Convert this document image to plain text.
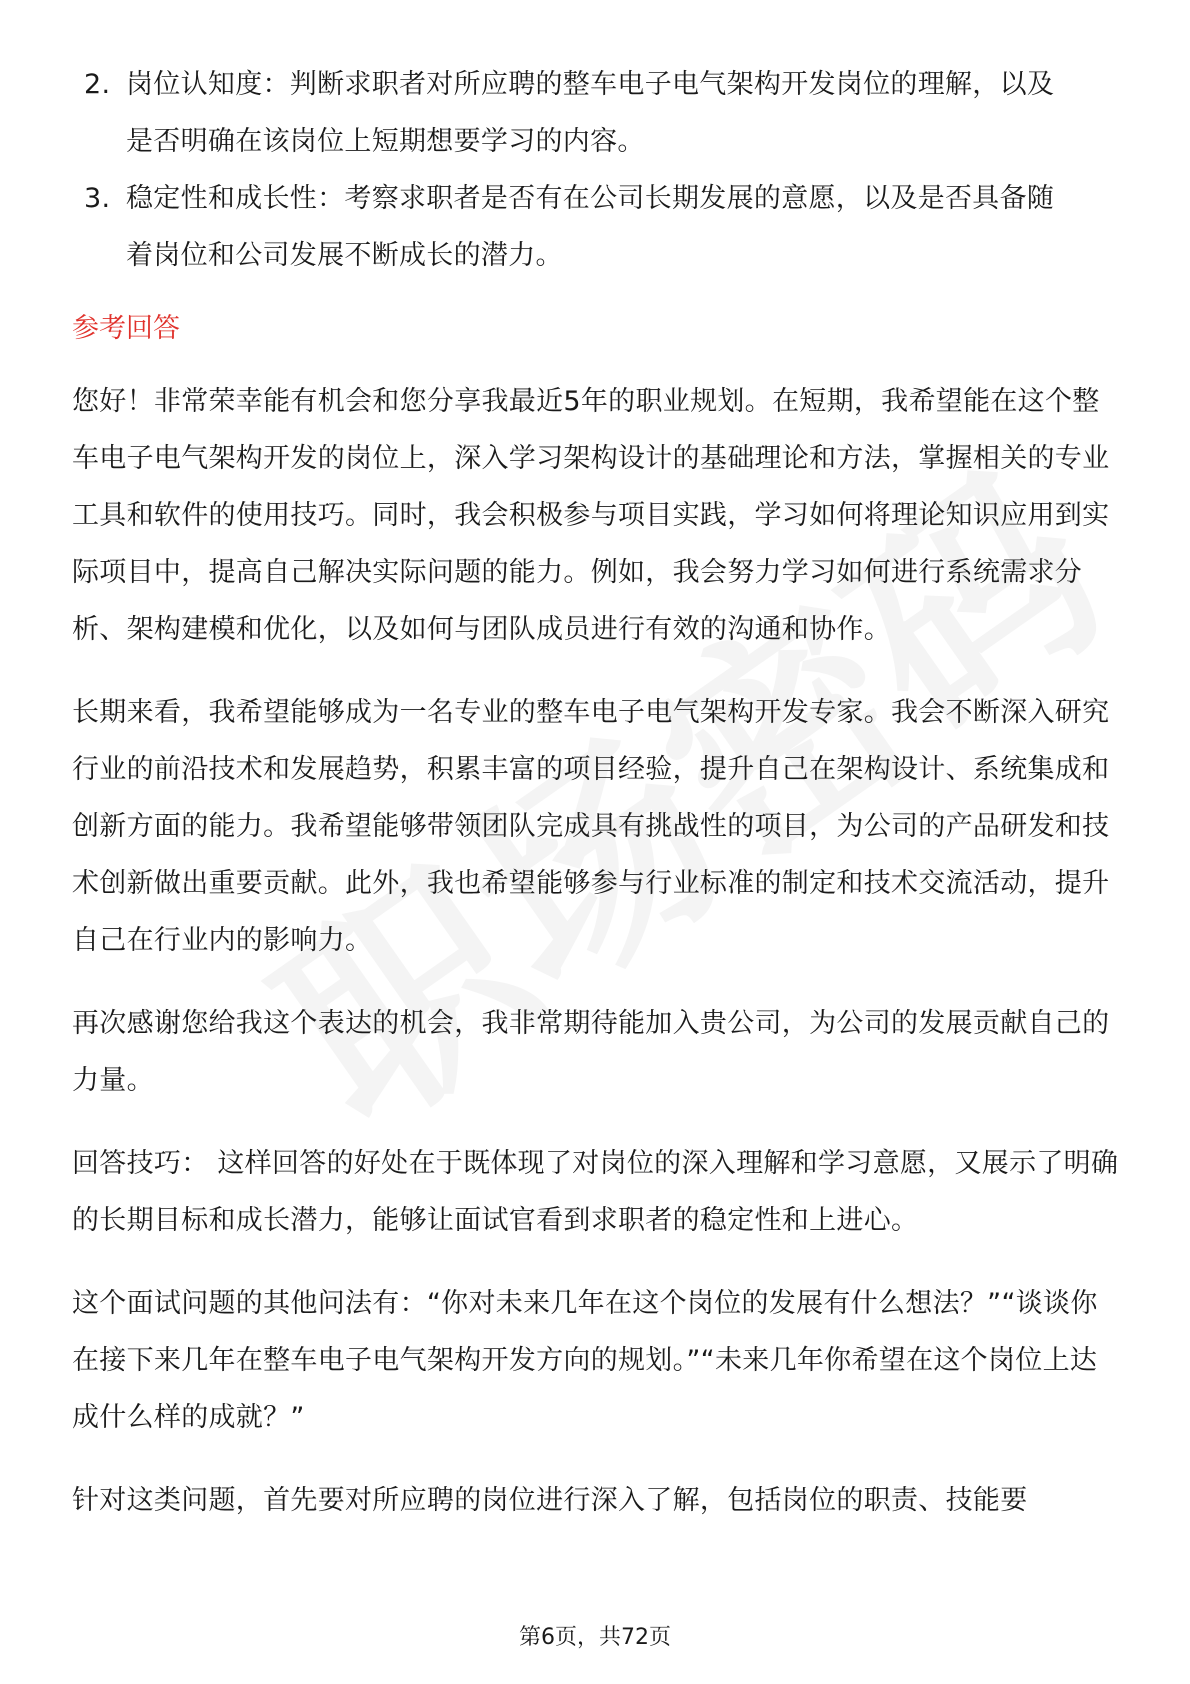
2. 岗位认知度：判断求职者对所应聘的整车电子电气架构开发岗位的理解，以及
是否明确在该岗位上短期想要学习的内容。
3. 稳定性和成长性：考察求职者是否有在公司长期发展的意愿，以及是否具备随
着岗位和公司发展不断成长的潜力。
参考回答

您好！非常荣幸能有机会和您分享我最近5年的职业规划。在短期，我希望能在这个整车电子电气架构开发的岗位上，深入学习架构设计的基础理论和方法，掌握相关的专业工具和软件的使用技巧。同时，我会积极参与项目实践，学习如何将理论知识应用到实际项目中，提高自己解决实际问题的能力。例如，我会努力学习如何进行系统需求分析、架构建模和优化，以及如何与团队成员进行有效的沟通和协作。

长期来看，我希望能够成为一名专业的整车电子电气架构开发专家。我会不断深入研究行业的前沿技术和发展趋势，积累丰富的项目经验，提升自己在架构设计、系统集成和创新方面的能力。我希望能够带领团队完成具有挑战性的项目，为公司的产品研发和技术创新做出重要贡献。此外，我也希望能够参与行业标准的制定和技术交流活动，提升自己在行业内的影响力。

再次感谢您给我这个表达的机会，我非常期待能加入贵公司，为公司的发展贡献自己的力量。

回答技巧： 这样回答的好处在于既体现了对岗位的深入理解和学习意愿，又展示了明确的长期目标和成长潜力，能够让面试官看到求职者的稳定性和上进心。

这个面试问题的其他问法有：“你对未来几年在这个岗位的发展有什么想法？”“谈谈你在接下来几年在整车电子电气架构开发方向的规划。”“未来几年你希望在这个岗位上达成什么样的成就？”

针对这类问题，首先要对所应聘的岗位进行深入了解，包括岗位的职责、技能要

第6页，共72页
